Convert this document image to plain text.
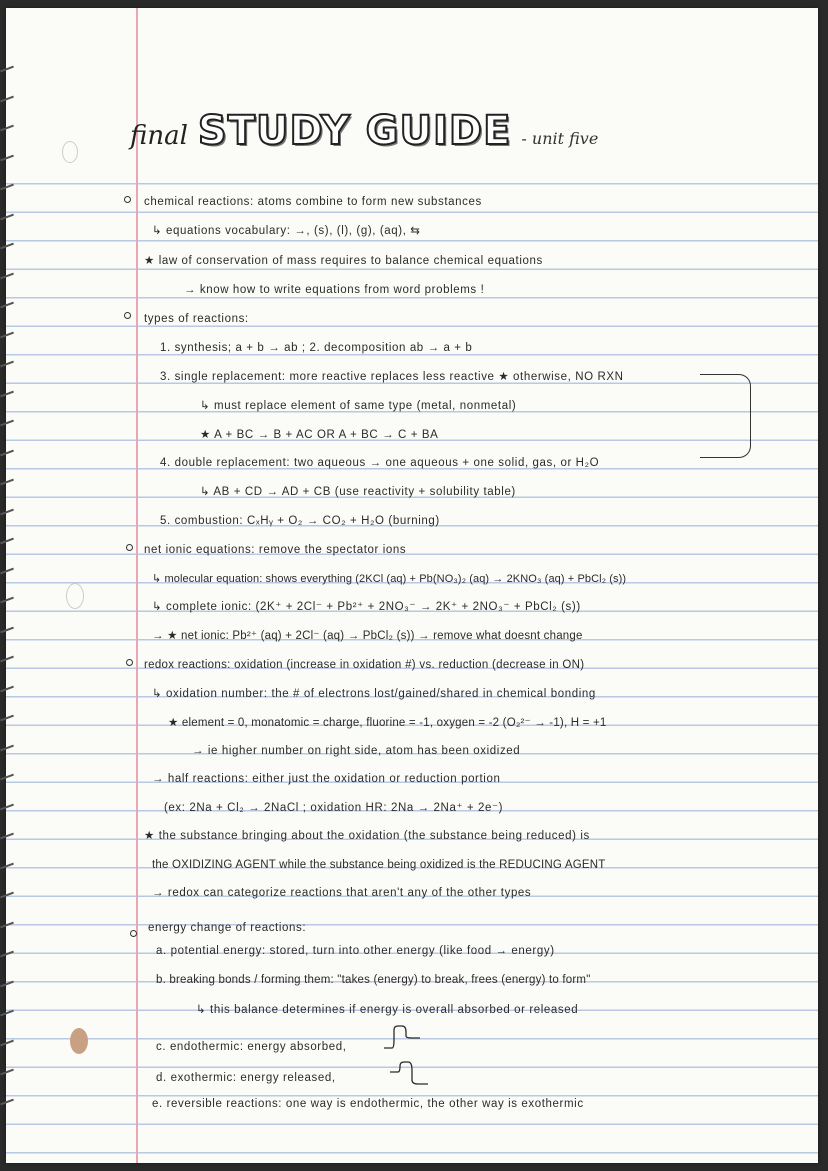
final STUDY GUIDE - unit five
chemical reactions: atoms combine to form new substances
↳ equations vocabulary: →, (s), (l), (g), (aq), ⇆
★ law of conservation of mass requires to balance chemical equations
→ know how to write equations from word problems !
types of reactions:
1. synthesis; a + b → ab ; 2. decomposition ab → a + b
3. single replacement: more reactive replaces less reactive ★ otherwise, NO RXN
↳ must replace element of same type (metal, nonmetal)
★ A + BC → B + AC OR A + BC → C + BA
4. double replacement: two aqueous → one aqueous + one solid, gas, or H₂O
↳ AB + CD → AD + CB (use reactivity + solubility table)
5. combustion: CₓHᵧ + O₂ → CO₂ + H₂O (burning)
net ionic equations: remove the spectator ions
↳ molecular equation: shows everything (2KCl (aq) + Pb(NO₃)₂ (aq) → 2KNO₃ (aq) + PbCl₂ (s))
↳ complete ionic: (2K⁺ + 2Cl⁻ + Pb²⁺ + 2NO₃⁻ → 2K⁺ + 2NO₃⁻ + PbCl₂ (s))
→ ★ net ionic: Pb²⁺ (aq) + 2Cl⁻ (aq) → PbCl₂ (s)) → remove what doesnt change
redox reactions: oxidation (increase in oxidation #) vs. reduction (decrease in ON)
↳ oxidation number: the # of electrons lost/gained/shared in chemical bonding
★ element = 0, monatomic = charge, fluorine = -1, oxygen = -2 (O₂²⁻ → -1), H = +1
→ ie higher number on right side, atom has been oxidized
→ half reactions: either just the oxidation or reduction portion
(ex: 2Na + Cl₂ → 2NaCl ; oxidation HR: 2Na → 2Na⁺ + 2e⁻)
★ the substance bringing about the oxidation (the substance being reduced) is
the OXIDIZING AGENT while the substance being oxidized is the REDUCING AGENT
→ redox can categorize reactions that aren't any of the other types
energy change of reactions:
a. potential energy: stored, turn into other energy (like food → energy)
b. breaking bonds / forming them: "takes (energy) to break, frees (energy) to form"
↳ this balance determines if energy is overall absorbed or released
c. endothermic: energy absorbed,
d. exothermic: energy released,
e. reversible reactions: one way is endothermic, the other way is exothermic
